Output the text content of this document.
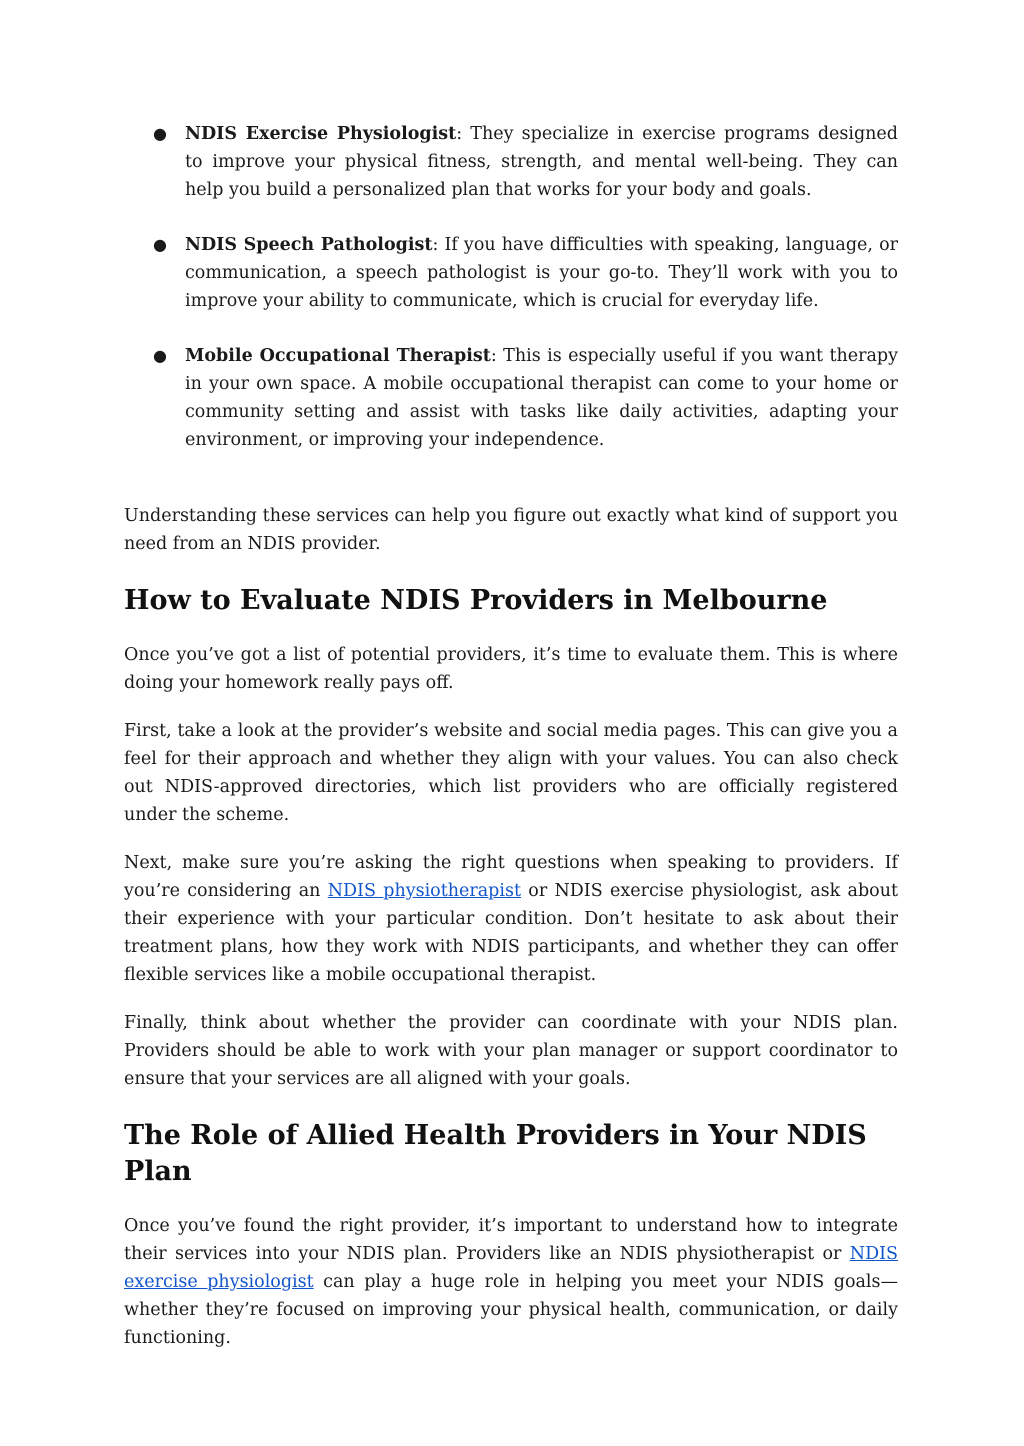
● NDIS Exercise Physiologist: They specialize in exercise programs designed to improve your physical fitness, strength, and mental well-being. They can help you build a personalized plan that works for your body and goals.
● NDIS Speech Pathologist: If you have difficulties with speaking, language, or communication, a speech pathologist is your go-to. They’ll work with you to improve your ability to communicate, which is crucial for everyday life.
● Mobile Occupational Therapist: This is especially useful if you want therapy in your own space. A mobile occupational therapist can come to your home or community setting and assist with tasks like daily activities, adapting your environment, or improving your independence.

Understanding these services can help you figure out exactly what kind of support you need from an NDIS provider.

How to Evaluate NDIS Providers in Melbourne

Once you’ve got a list of potential providers, it’s time to evaluate them. This is where doing your homework really pays off.

First, take a look at the provider’s website and social media pages. This can give you a feel for their approach and whether they align with your values. You can also check out NDIS-approved directories, which list providers who are officially registered under the scheme.

Next, make sure you’re asking the right questions when speaking to providers. If you’re considering an NDIS physiotherapist or NDIS exercise physiologist, ask about their experience with your particular condition. Don’t hesitate to ask about their treatment plans, how they work with NDIS participants, and whether they can offer flexible services like a mobile occupational therapist.

Finally, think about whether the provider can coordinate with your NDIS plan. Providers should be able to work with your plan manager or support coordinator to ensure that your services are all aligned with your goals.

The Role of Allied Health Providers in Your NDIS Plan

Once you’ve found the right provider, it’s important to understand how to integrate their services into your NDIS plan. Providers like an NDIS physiotherapist or NDIS exercise physiologist can play a huge role in helping you meet your NDIS goals—whether they’re focused on improving your physical health, communication, or daily functioning.
